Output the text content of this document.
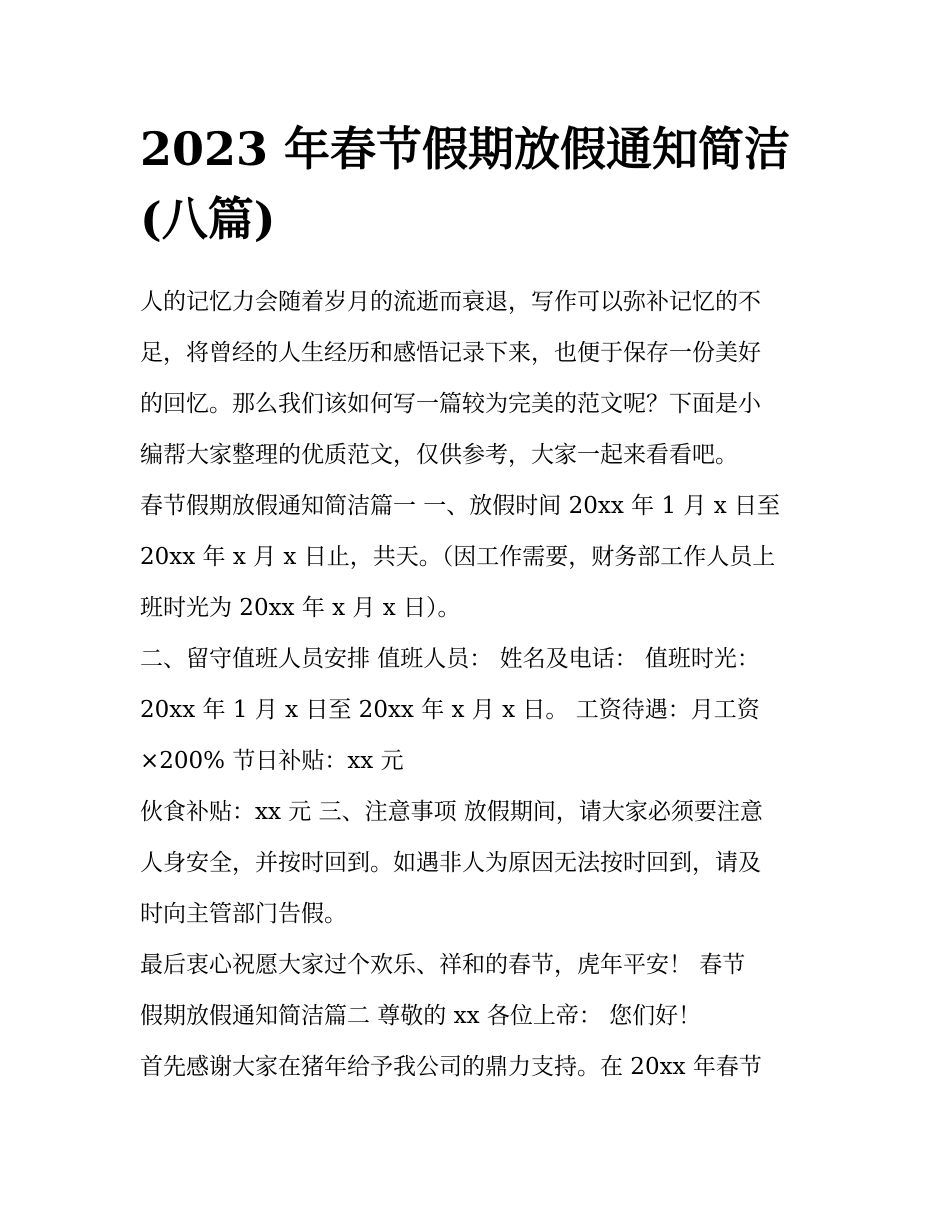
2023 年春节假期放假通知简洁
(八篇)
人的记忆力会随着岁月的流逝而衰退，写作可以弥补记忆的不
足，将曾经的人生经历和感悟记录下来，也便于保存一份美好
的回忆。那么我们该如何写一篇较为完美的范文呢？下面是小
编帮大家整理的优质范文，仅供参考，大家一起来看看吧。
春节假期放假通知简洁篇一 一、放假时间 20xx 年 1 月 x 日至
20xx 年 x 月 x 日止，共天。（因工作需要，财务部工作人员上
班时光为 20xx 年 x 月 x 日）。
二、留守值班人员安排 值班人员： 姓名及电话： 值班时光：
20xx 年 1 月 x 日至 20xx 年 x 月 x 日。 工资待遇：月工资
×200% 节日补贴：xx 元
伙食补贴：xx 元 三、注意事项 放假期间，请大家必须要注意
人身安全，并按时回到。如遇非人为原因无法按时回到，请及
时向主管部门告假。
最后衷心祝愿大家过个欢乐、祥和的春节，虎年平安！ 春节
假期放假通知简洁篇二 尊敬的 xx 各位上帝： 您们好！
首先感谢大家在猪年给予我公司的鼎力支持。在 20xx 年春节
